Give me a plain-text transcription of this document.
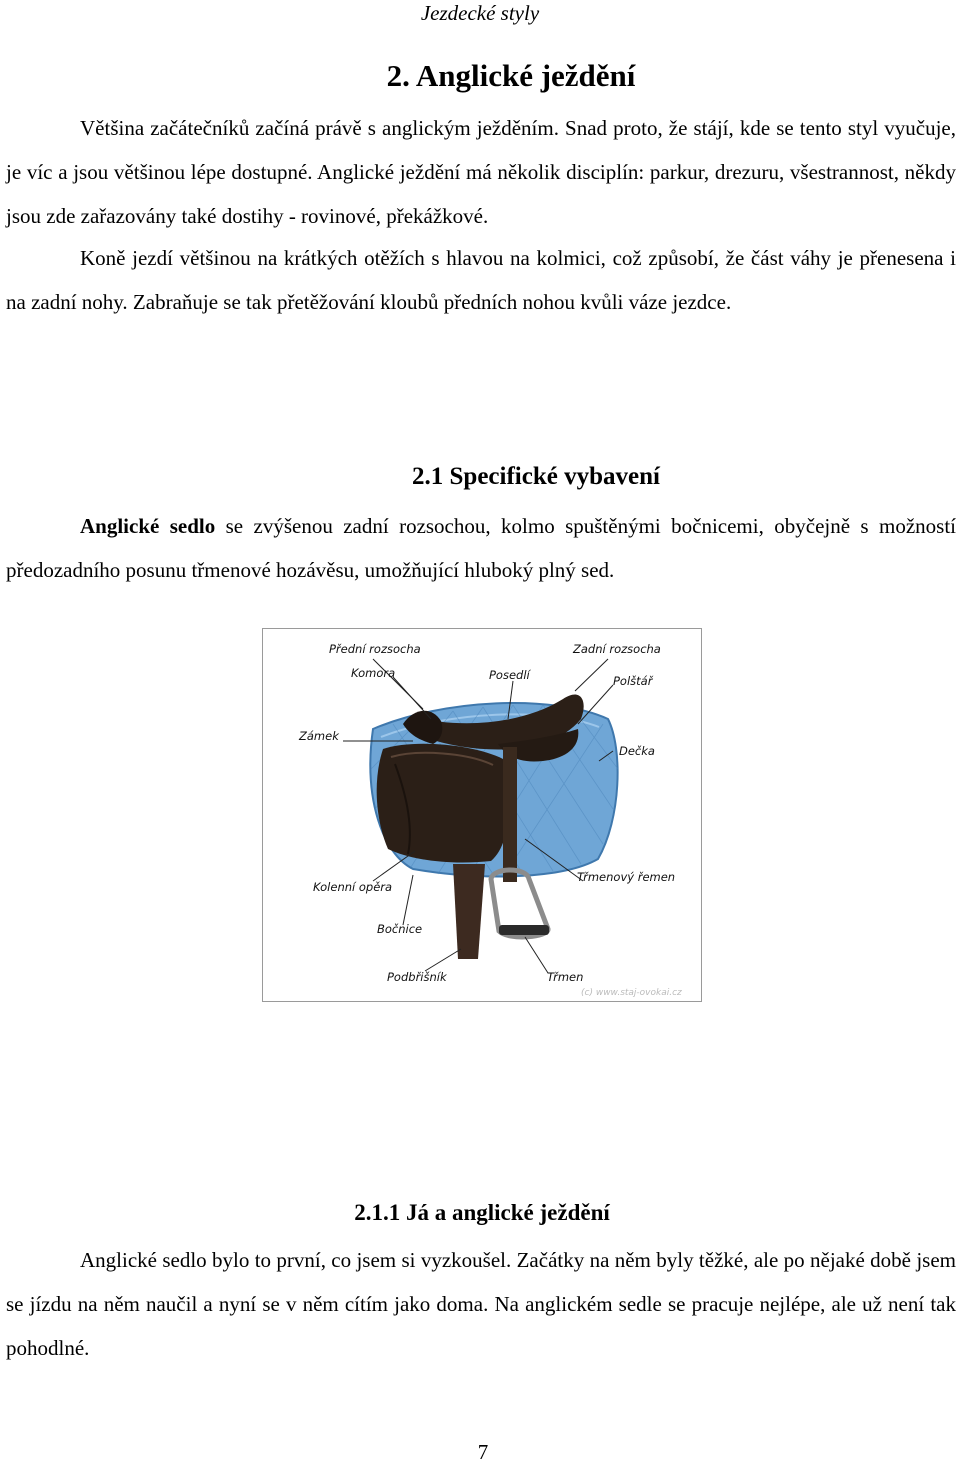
Jezdecké styly
2. Anglické ježdění

Většina začátečníků začíná právě s anglickým ježděním. Snad proto, že stájí, kde se tento styl vyučuje, je víc a jsou většinou lépe dostupné. Anglické ježdění má několik disciplín: parkur, drezuru, všestrannost, někdy jsou zde zařazovány také dostihy - rovinové, překážkové.

Koně jezdí většinou na krátkých otěžích s hlavou na kolmici, což způsobí, že část váhy je přenesena i na zadní nohy. Zabraňuje se tak přetěžování kloubů předních nohou kvůli váze jezdce.

2.1 Specifické vybavení

Anglické sedlo se zvýšenou zadní rozsochou, kolmo spuštěnými bočnicemi, obyčejně s možností předozadního posunu třmenové hozávěsu, umožňující hluboký plný sed.

Přední rozsocha
Komora	Posedlí
Zadní rozsocha
Polštář
Zámek
Dečka
Kolenní opěra
Třmenový řemen
Bočnice
Podbřišník	Třmen
(c) www.staj-ovokai.cz
2.1.1 Já a anglické ježdění

Anglické sedlo bylo to první, co jsem si vyzkoušel. Začátky na něm byly těžké, ale po nějaké době jsem se jízdu na něm naučil a nyní se v něm cítím jako doma. Na anglickém sedle se pracuje nejlépe, ale už není tak pohodlné.

7
